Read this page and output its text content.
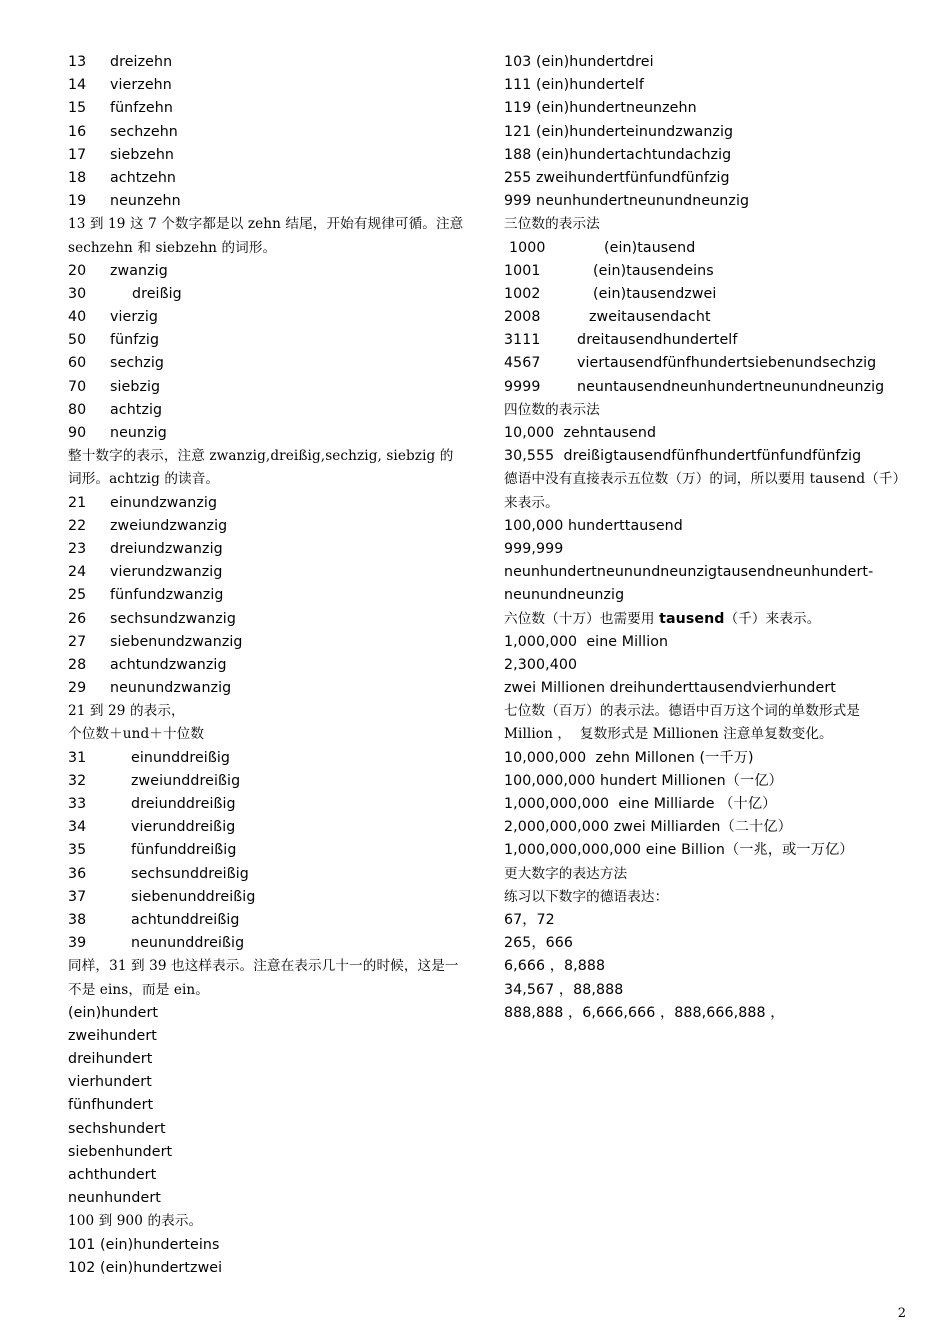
13 dreizehn
14 vierzehn
15 fünfzehn
16 sechzehn
17 siebzehn
18 achtzehn
19 neunzehn
13 到 19 这 7 个数字都是以 zehn 结尾，开始有规律可循。注意
sechzehn 和 siebzehn 的词形。
20 zwanzig
30	dreißig
40 vierzig
50 fünfzig
60 sechzig
70 siebzig
80 achtzig
90 neunzig
整十数字的表示，注意 zwanzig,dreißig,sechzig, siebzig 的
词形。achtzig 的读音。
21 einundzwanzig
22 zweiundzwanzig
23 dreiundzwanzig
24 vierundzwanzig
25 fünfundzwanzig
26 sechsundzwanzig
27 siebenundzwanzig
28 achtundzwanzig
29 neunundzwanzig
21 到 29 的表示，
个位数＋und＋十位数
31	einunddreißig
32	zweiunddreißig
33	dreiunddreißig
34	vierunddreißig
35	fünfunddreißig
36	sechsunddreißig
37	siebenunddreißig
38	achtunddreißig
39	neununddreißig
同样，31 到 39 也这样表示。注意在表示几十一的时候，这是一
不是 eins，而是 ein。
(ein)hundert
zweihundert
dreihundert
vierhundert
fünfhundert
sechshundert
siebenhundert
achthundert
neunhundert
100 到 900 的表示。
101 (ein)hunderteins
102 (ein)hundertzwei
103 (ein)hundertdrei
111 (ein)hundertelf
119 (ein)hundertneunzehn
121 (ein)hunderteinundzwanzig
188 (ein)hundertachtundachzig
255 zweihundertfünfundfünfzig
999 neunhundertneunundneunzig
三位数的表示法
1000	(ein)tausend
1001	(ein)tausendeins
1002	(ein)tausendzwei
2008	zweitausendacht
3111	dreitausendhundertelf
4567	viertausendfünfhundertsiebenundsechzig
9999	neuntausendneunhundertneunundneunzig
四位数的表示法
10,000  zehntausend
30,555  dreißigtausendfünfhundertfünfundfünfzig
德语中没有直接表示五位数（万）的词，所以要用 tausend（千）
来表示。
100,000 hunderttausend
999,999
neunhundertneunundneunzigtausendneunhundert-
neunundneunzig
六位数（十万）也需要用 tausend（千）来表示。
1,000,000  eine Million
2,300,400
zwei Millionen dreihunderttausendvierhundert
七位数（百万）的表示法。德语中百万这个词的单数形式是
Million ，  复数形式是 Millionen 注意单复数变化。
10,000,000  zehn Millonen (一千万)
100,000,000 hundert Millionen（一亿）
1,000,000,000  eine Milliarde （十亿）
2,000,000,000 zwei Milliarden（二十亿）
1,000,000,000,000 eine Billion（一兆，或一万亿）
更大数字的表达方法
练习以下数字的德语表达：
67，72
265，666
6,666 ，8,888
34,567 ，88,888
888,888 ，6,666,666 ，888,666,888 ，
2
